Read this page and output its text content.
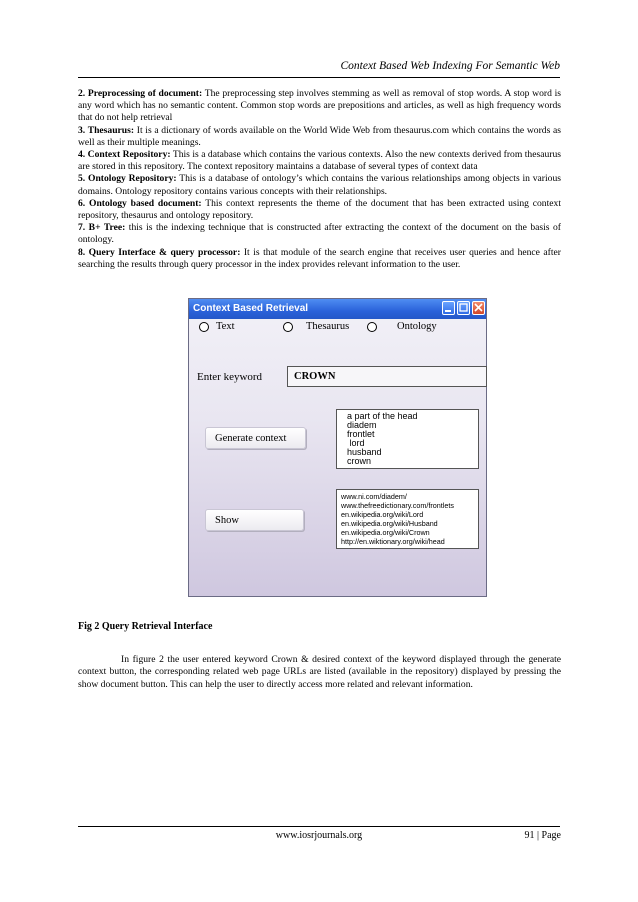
Context Based Web Indexing For Semantic Web

2. Preprocessing of document: The preprocessing step involves stemming as well as removal of stop words. A stop word is any word which has no semantic content. Common stop words are prepositions and articles, as well as high frequency words that do not help retrieval

3. Thesaurus: It is a dictionary of words available on the World Wide Web from thesaurus.com which contains the words as well as their multiple meanings.

4. Context Repository: This is a database which contains the various contexts. Also the new contexts derived from thesaurus are stored in this repository. The context repository maintains a database of several types of context data

5. Ontology Repository: This is a database of ontology’s which contains the various relationships among objects in various domains. Ontology repository contains various concepts with their relationships.

6. Ontology based document: This context represents the theme of the document that has been extracted using context repository, thesaurus and ontology repository.

7. B+ Tree: this is the indexing technique that is constructed after extracting the context of the document on the basis of ontology.

8. Query Interface & query processor: It is that module of the search engine that receives user queries and hence after searching the results through query processor in the index provides relevant information to the user.

Context Based Retrieval
Text	Thesaurus	Ontology
Enter keyword	CROWN
Generate context
a part of the head
diadem
frontlet
lord
husband
crown
Show
www.ni.com/diadem/
www.thefreedictionary.com/frontlets
en.wikipedia.org/wiki/Lord
en.wikipedia.org/wiki/Husband
en.wikipedia.org/wiki/Crown
http://en.wiktionary.org/wiki/head
Fig 2 Query Retrieval Interface

In figure 2 the user entered keyword Crown & desired context of the keyword displayed through the generate context button, the corresponding related web page URLs are listed (available in the repository) displayed by pressing the show document button. This can help the user to directly access more related and relevant information.

www.iosrjournals.org	91 | Page
